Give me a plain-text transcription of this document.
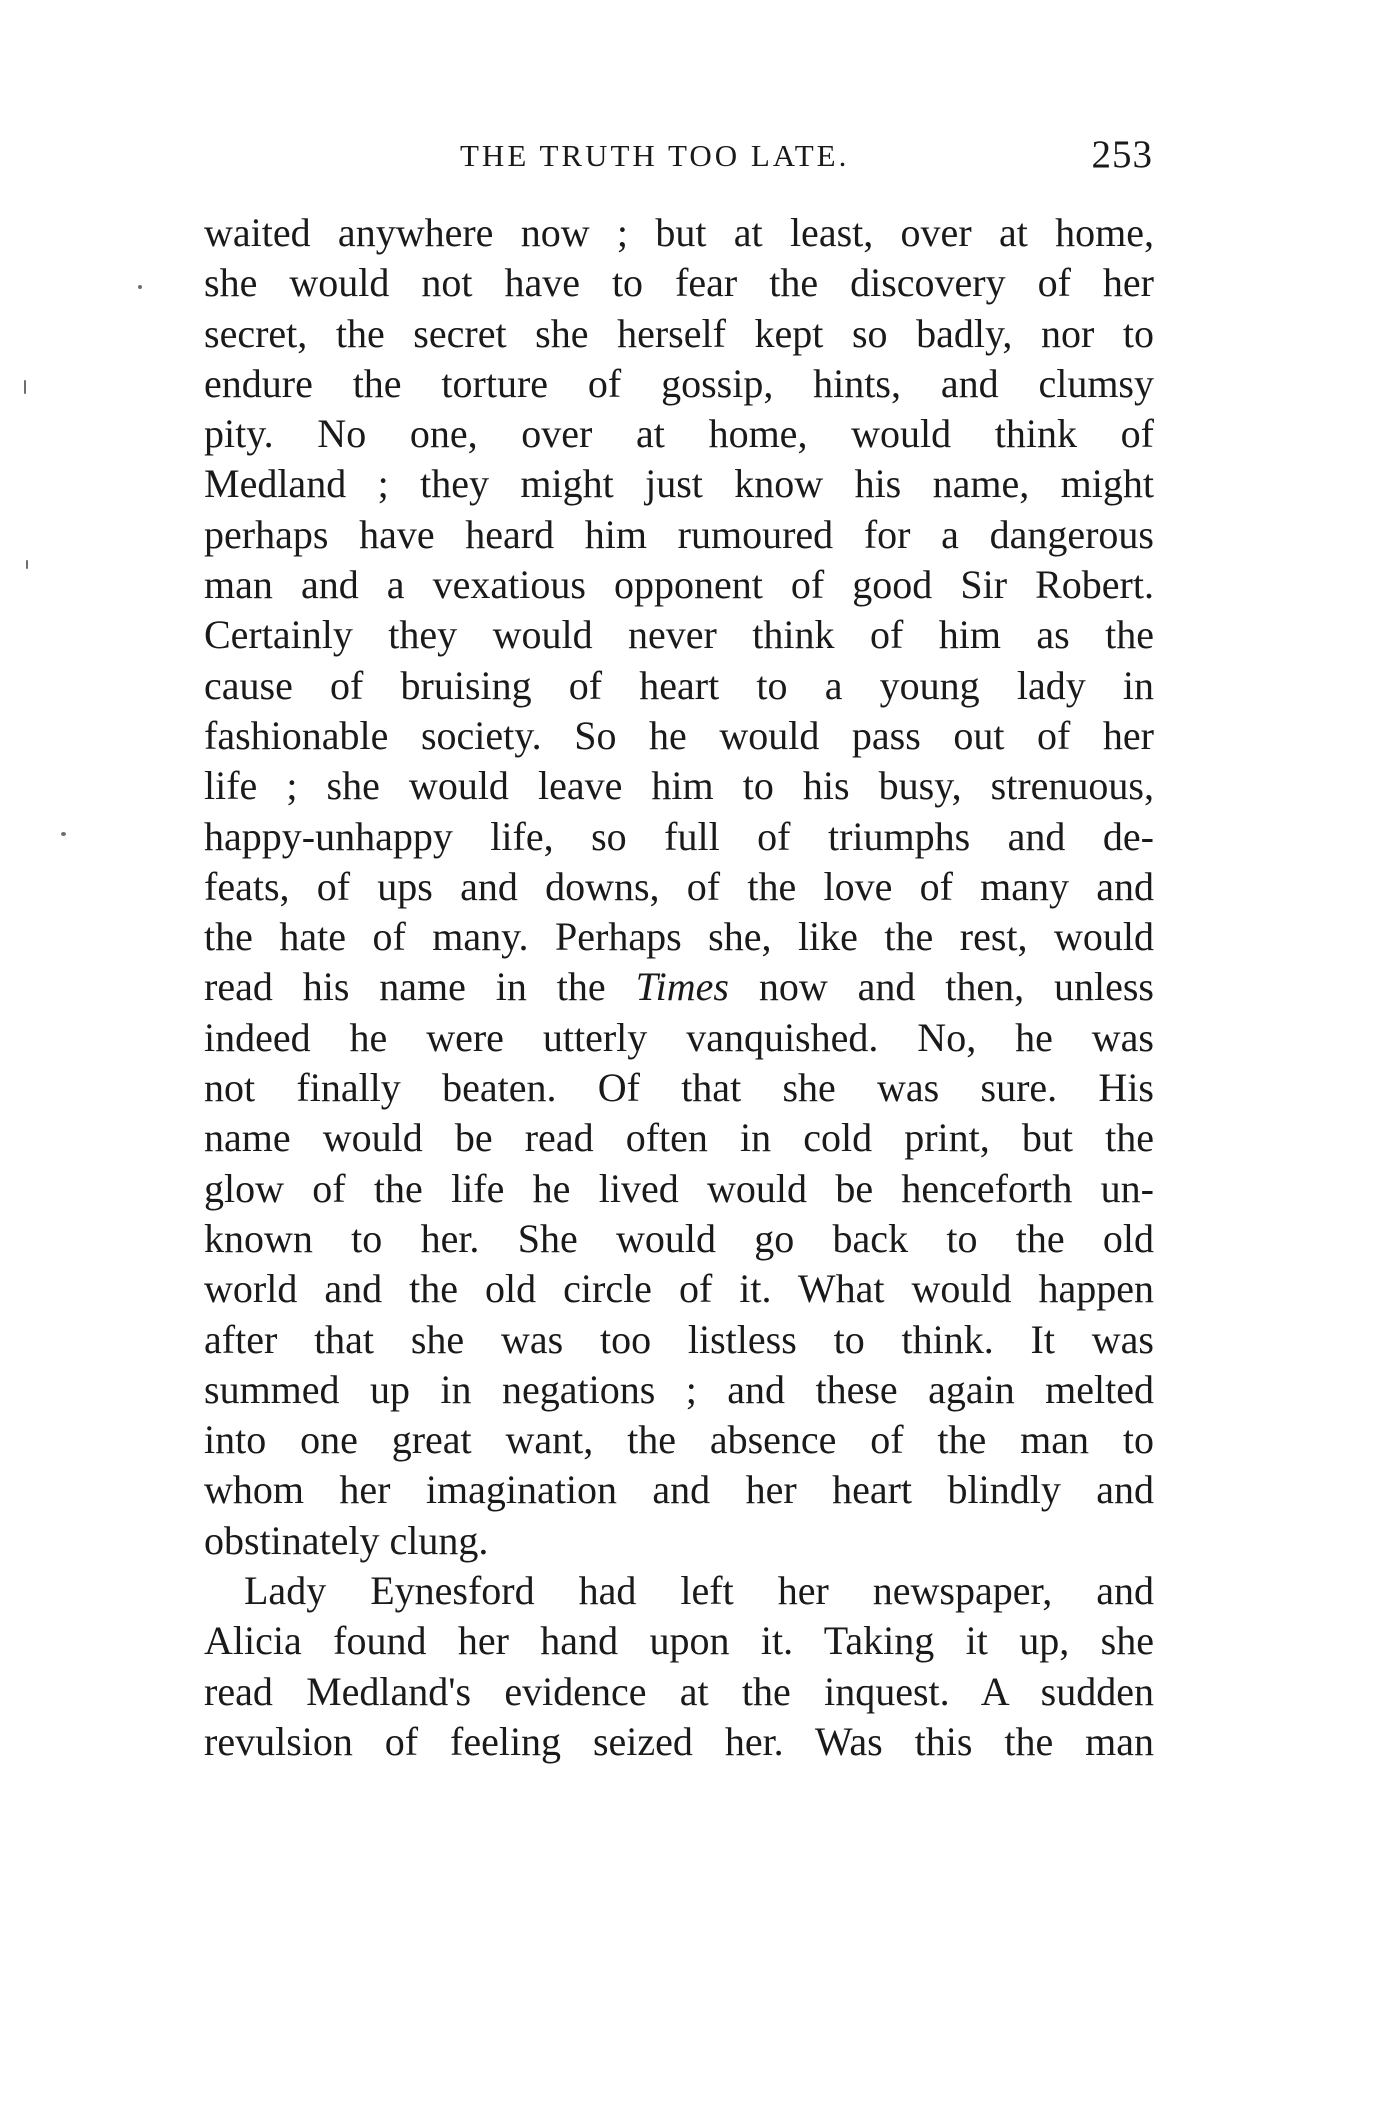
THE TRUTH TOO LATE.	253
waited anywhere now ; but at least, over at home,
she would not have to fear the discovery of her
secret, the secret she herself kept so badly, nor to
endure the torture of gossip, hints, and clumsy
pity. No one, over at home, would think of
Medland ; they might just know his name, might
perhaps have heard him rumoured for a dangerous
man and a vexatious opponent of good Sir Robert.
Certainly they would never think of him as the
cause of bruising of heart to a young lady in
fashionable society. So he would pass out of her
life ; she would leave him to his busy, strenuous,
happy-unhappy life, so full of triumphs and de-
feats, of ups and downs, of the love of many and
the hate of many. Perhaps she, like the rest, would
read his name in the Times now and then, unless
indeed he were utterly vanquished. No, he was
not finally beaten. Of that she was sure. His
name would be read often in cold print, but the
glow of the life he lived would be henceforth un-
known to her. She would go back to the old
world and the old circle of it. What would happen
after that she was too listless to think. It was
summed up in negations ; and these again melted
into one great want, the absence of the man to
whom her imagination and her heart blindly and
obstinately clung.
Lady Eynesford had left her newspaper, and
Alicia found her hand upon it. Taking it up, she
read Medland's evidence at the inquest. A sudden
revulsion of feeling seized her. Was this the man
